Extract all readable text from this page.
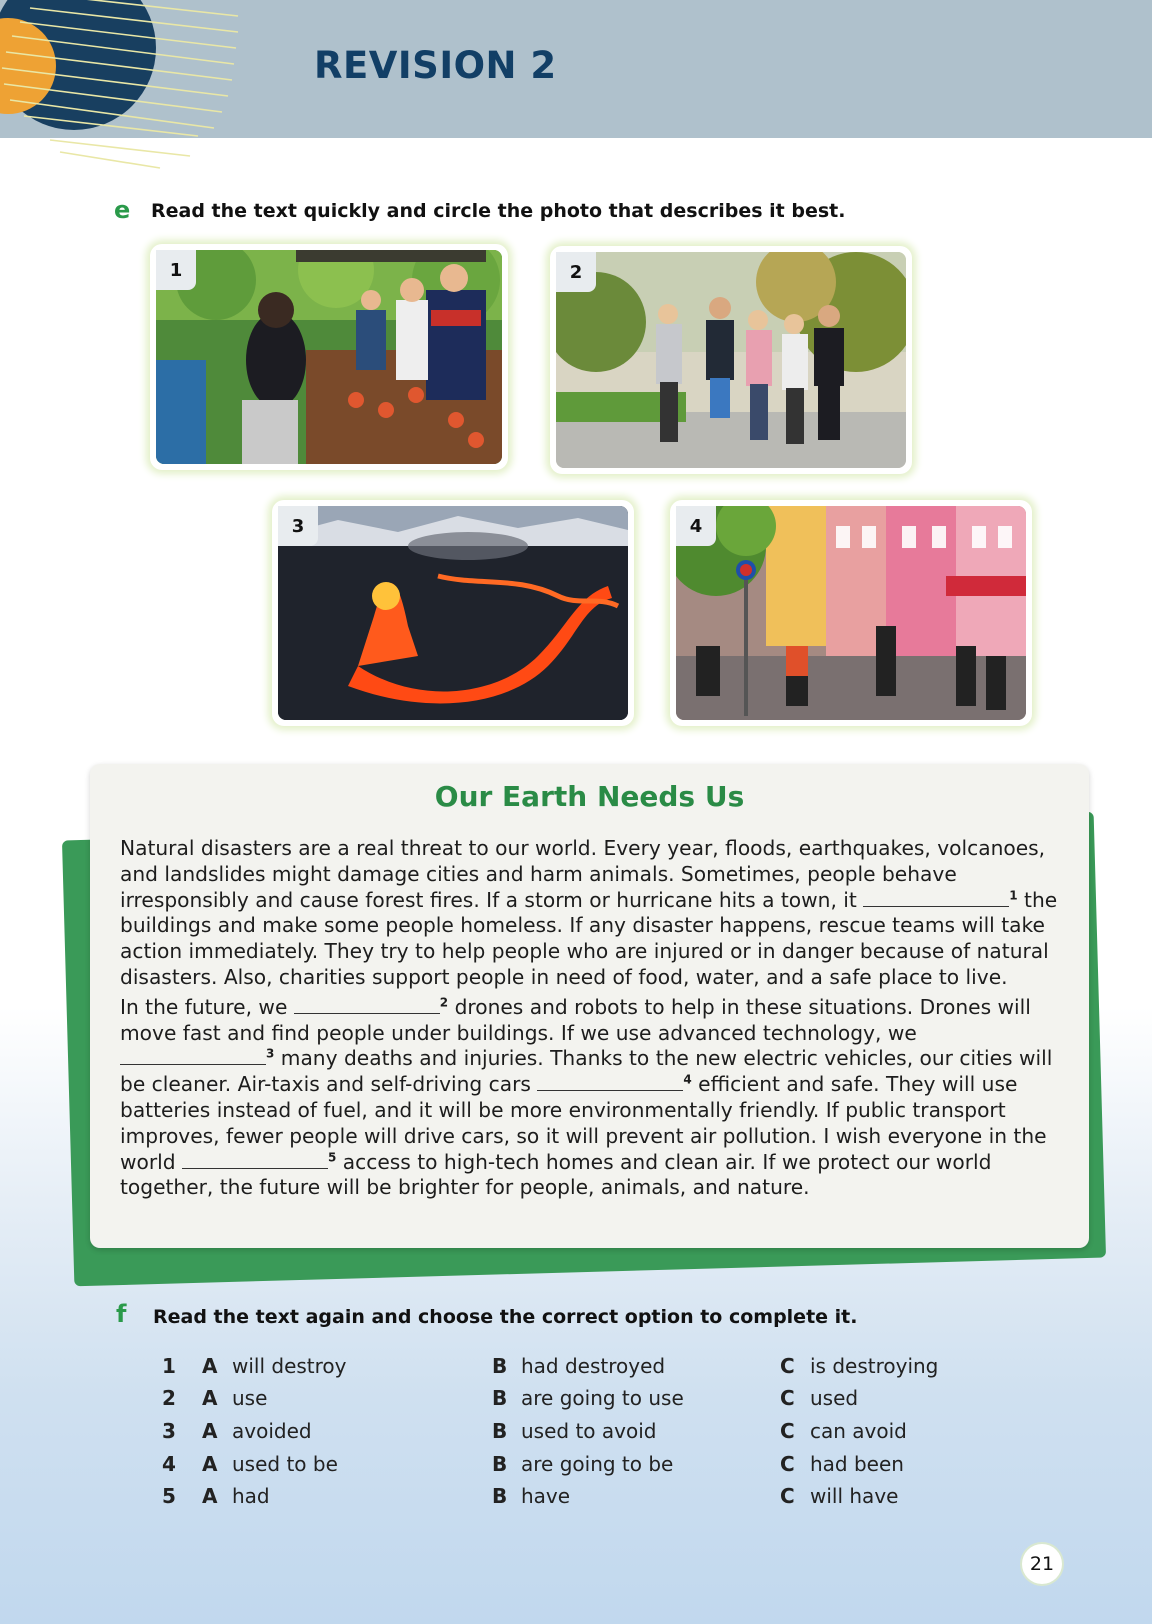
REVISION 2
e Read the text quickly and circle the photo that describes it best.
1	2
3	4
Our Earth Needs Us

Natural disasters are a real threat to our world. Every year, floods, earthquakes, volcanoes, and landslides might damage cities and harm animals. Sometimes, people behave irresponsibly and cause forest fires. If a storm or hurricane hits a town, it	$^1$ the buildings and make some people homeless. If any disaster happens, rescue teams will take action immediately. They try to help people who are injured or in danger because of natural disasters. Also, charities support people in need of food, water, and a safe place to live.

In the future, we	$^2$ drones and robots to help in these situations. Drones will move fast and find people under buildings. If we use advanced technology, we $^3$ many deaths and injuries. Thanks to the new electric vehicles, our cities will be cleaner. Air-taxis and self-driving cars	$^4$ efficient and safe. They will use batteries instead of fuel, and it will be more environmentally friendly. If public transport improves, fewer people will drive cars, so it will prevent air pollution. I wish everyone in the world	$^5$ access to high-tech homes and clean air. If we protect our world together, the future will be brighter for people, animals, and nature.

f Read the text again and choose the correct option to complete it.
1 A will destroy	B had destroyed	C is destroying
2 A use	B are going to use	C used
3 A avoided	B used to avoid	C can avoid
4 A used to be	B are going to be	C had been
5 A had	B have	C will have
21
